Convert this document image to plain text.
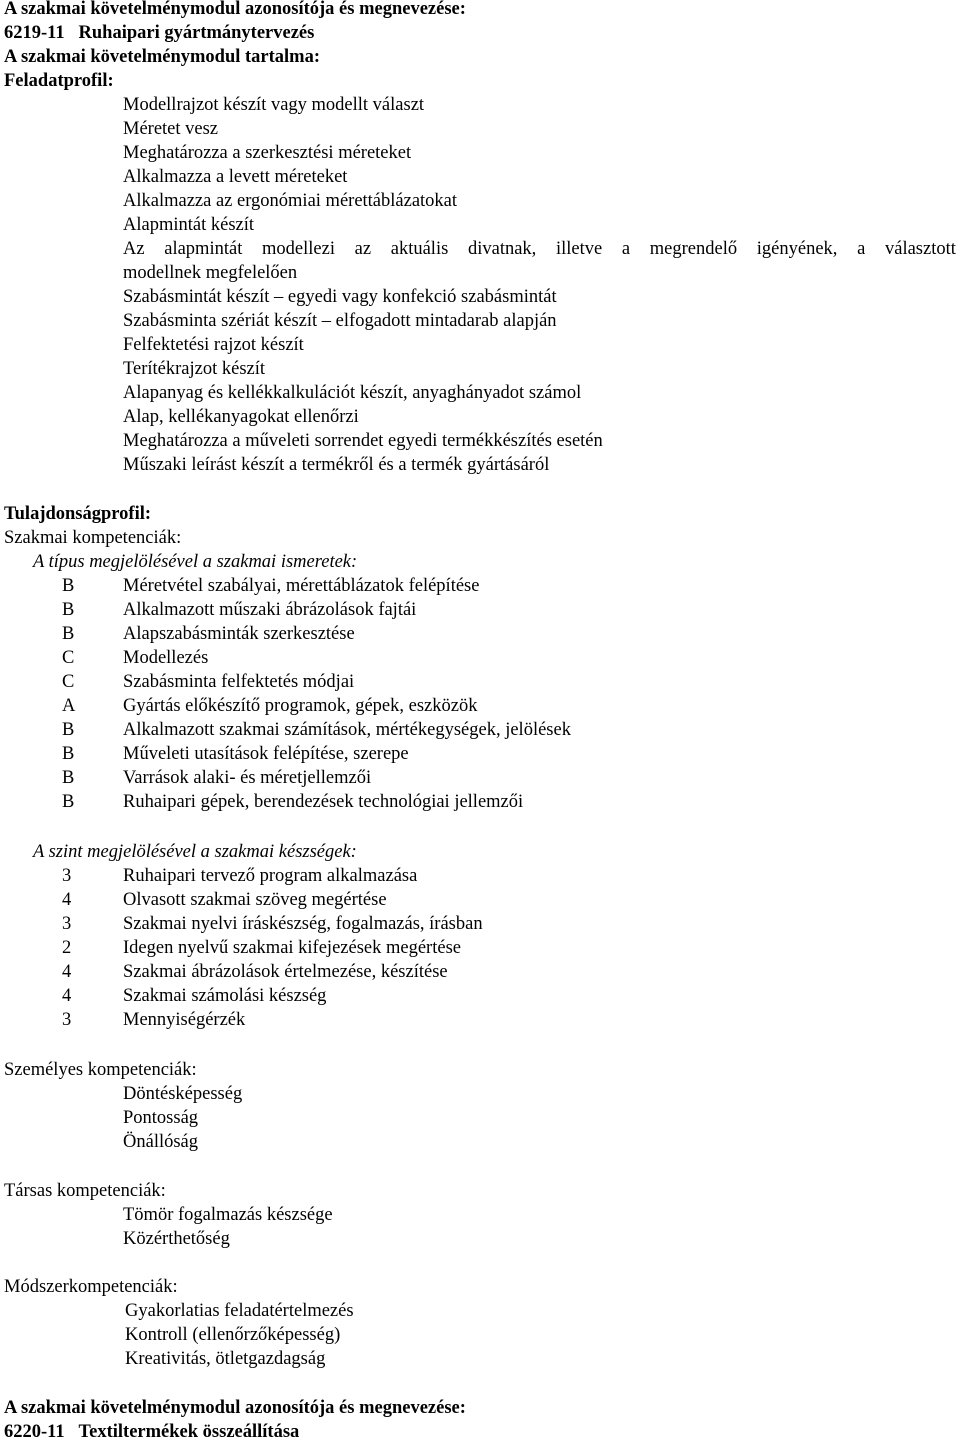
A szakmai követelménymodul azonosítója és megnevezése:
6219-11 Ruhaipari gyártmánytervezés
A szakmai követelménymodul tartalma:
Feladatprofil:
Modellrajzot készít vagy modellt választ
Méretet vesz
Meghatározza a szerkesztési méreteket
Alkalmazza a levett méreteket
Alkalmazza az ergonómiai mérettáblázatokat
Alapmintát készít
Az alapmintát modellezi az aktuális divatnak, illetve a megrendelő igényének, a választott
modellnek megfelelően
Szabásmintát készít – egyedi vagy konfekció szabásmintát
Szabásminta szériát készít – elfogadott mintadarab alapján
Felfektetési rajzot készít
Terítékrajzot készít
Alapanyag és kellékkalkulációt készít, anyaghányadot számol
Alap, kellékanyagokat ellenőrzi
Meghatározza a műveleti sorrendet egyedi termékkészítés esetén
Műszaki leírást készít a termékről és a termék gyártásáról
Tulajdonságprofil:
Szakmai kompetenciák:
A típus megjelölésével a szakmai ismeretek:
B	Méretvétel szabályai, mérettáblázatok felépítése
B	Alkalmazott műszaki ábrázolások fajtái
B	Alapszabásminták szerkesztése
C	Modellezés
C	Szabásminta felfektetés módjai
A	Gyártás előkészítő programok, gépek, eszközök
B	Alkalmazott szakmai számítások, mértékegységek, jelölések
B	Műveleti utasítások felépítése, szerepe
B	Varrások alaki- és méretjellemzői
B	Ruhaipari gépek, berendezések technológiai jellemzői
A szint megjelölésével a szakmai készségek:
3	Ruhaipari tervező program alkalmazása
4	Olvasott szakmai szöveg megértése
3	Szakmai nyelvi íráskészség, fogalmazás, írásban
2	Idegen nyelvű szakmai kifejezések megértése
4	Szakmai ábrázolások értelmezése, készítése
4	Szakmai számolási készség
3	Mennyiségérzék
Személyes kompetenciák:
Döntésképesség
Pontosság
Önállóság
Társas kompetenciák:
Tömör fogalmazás készsége
Közérthetőség
Módszerkompetenciák:
Gyakorlatias feladatértelmezés
Kontroll (ellenőrzőképesség)
Kreativitás, ötletgazdagság
A szakmai követelménymodul azonosítója és megnevezése:
6220-11 Textiltermékek összeállítása
